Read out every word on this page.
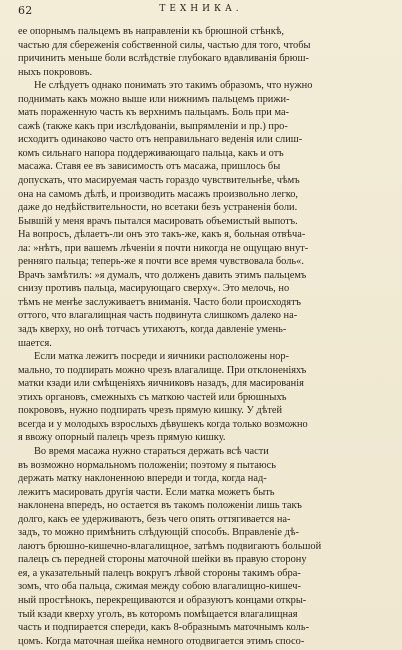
62	ТЕХНИКА.
ее опорнымъ пальцемъ въ направленіи къ брюшной стѣнкѣ,
частью для сбереженія собственной силы, частью для того, чтобы
причинить меньше боли вслѣдствіе глубокаго вдавливанія брюш-
ныхъ покрововъ.
Не слѣдуетъ однако понимать это такимъ образомъ, что нужно
поднимать какъ можно выше или нижнимъ пальцемъ прижи-
мать пораженную часть къ верхнимъ пальцамъ. Боль при ма-
сажѣ (также какъ при изслѣдованіи, выпрямленіи и пр.) про-
исходитъ одинаково часто отъ неправильнаго веденія или слиш-
комъ сильнаго напора поддерживающаго пальца, какъ и отъ
масажа. Ставя ее въ зависимость отъ масажа, пришлось бы
допускать, что масируемая часть гораздо чувствительнѣе, чѣмъ
она на самомъ дѣлѣ, и производить масажъ произвольно легко,
даже до недѣйствительности, но всетаки безъ устраненія боли.
Бывшій у меня врачъ пытался масировать объемистый выпотъ.
На вопросъ, дѣлаетъ-ли онъ это такъ-же, какъ я, больная отвѣча-
ла: »нѣтъ, при вашемъ лѣченіи я почти никогда не ощущаю внут-
ренняго пальца; теперь-же я почти все время чувствовала боль«.
Врачъ замѣтилъ: »я думалъ, что долженъ давить этимъ пальцемъ
снизу противъ пальца, масирующаго сверху«. Это мелочь, но
тѣмъ не менѣе заслуживаетъ вниманія. Часто боли происходятъ
оттого, что влагалищная часть подвинута слишкомъ далеко на-
задъ кверху, но онѣ тотчасъ утихаютъ, когда давленіе умень-
шается.
Если матка лежитъ посреди и яичники расположены нор-
мально, то подпирать можно чрезъ влагалище. При отклоненіяхъ
матки кзади или смѣщеніяхъ яичниковъ назадъ, для масированія
этихъ органовъ, смежныхъ съ маткою частей или брюшныхъ
покрововъ, нужно подпирать чрезъ прямую кишку. У дѣтей
всегда и у молодыхъ взрослыхъ дѣвушекъ когда только возможно
я ввожу опорный палецъ чрезъ прямую кишку.
Во время масажа нужно стараться держать всѣ части
въ возможно нормальномъ положеніи; поэтому я пытаюсь
держать матку наклоненною впереди и тогда, когда над-
лежитъ масировать другія части. Если матка можетъ быть
наклонена впередъ, но остается въ такомъ положеніи лишь такъ
долго, какъ ее удерживаютъ, безъ чего опять оттягивается на-
задъ, то можно примѣнить слѣдующій способъ. Вправленіе дѣ-
лаютъ брюшно-кишечно-влагалищное, затѣмъ подвигаютъ большой
палецъ съ передней стороны маточной шейки въ правую сторону
ея, а указательный палецъ вокругъ лѣвой стороны такимъ обра-
зомъ, что оба пальца, сжимая между собою влагалищно-кишеч-
ный простѣнокъ, перекрещиваются и образуютъ концами откры-
тый кзади кверху уголъ, въ которомъ помѣщается влагалищная
часть и подпирается спереди, какъ 8-образнымъ маточнымъ коль-
цомъ. Когда маточная шейка немного отодвигается этимъ спосо-
